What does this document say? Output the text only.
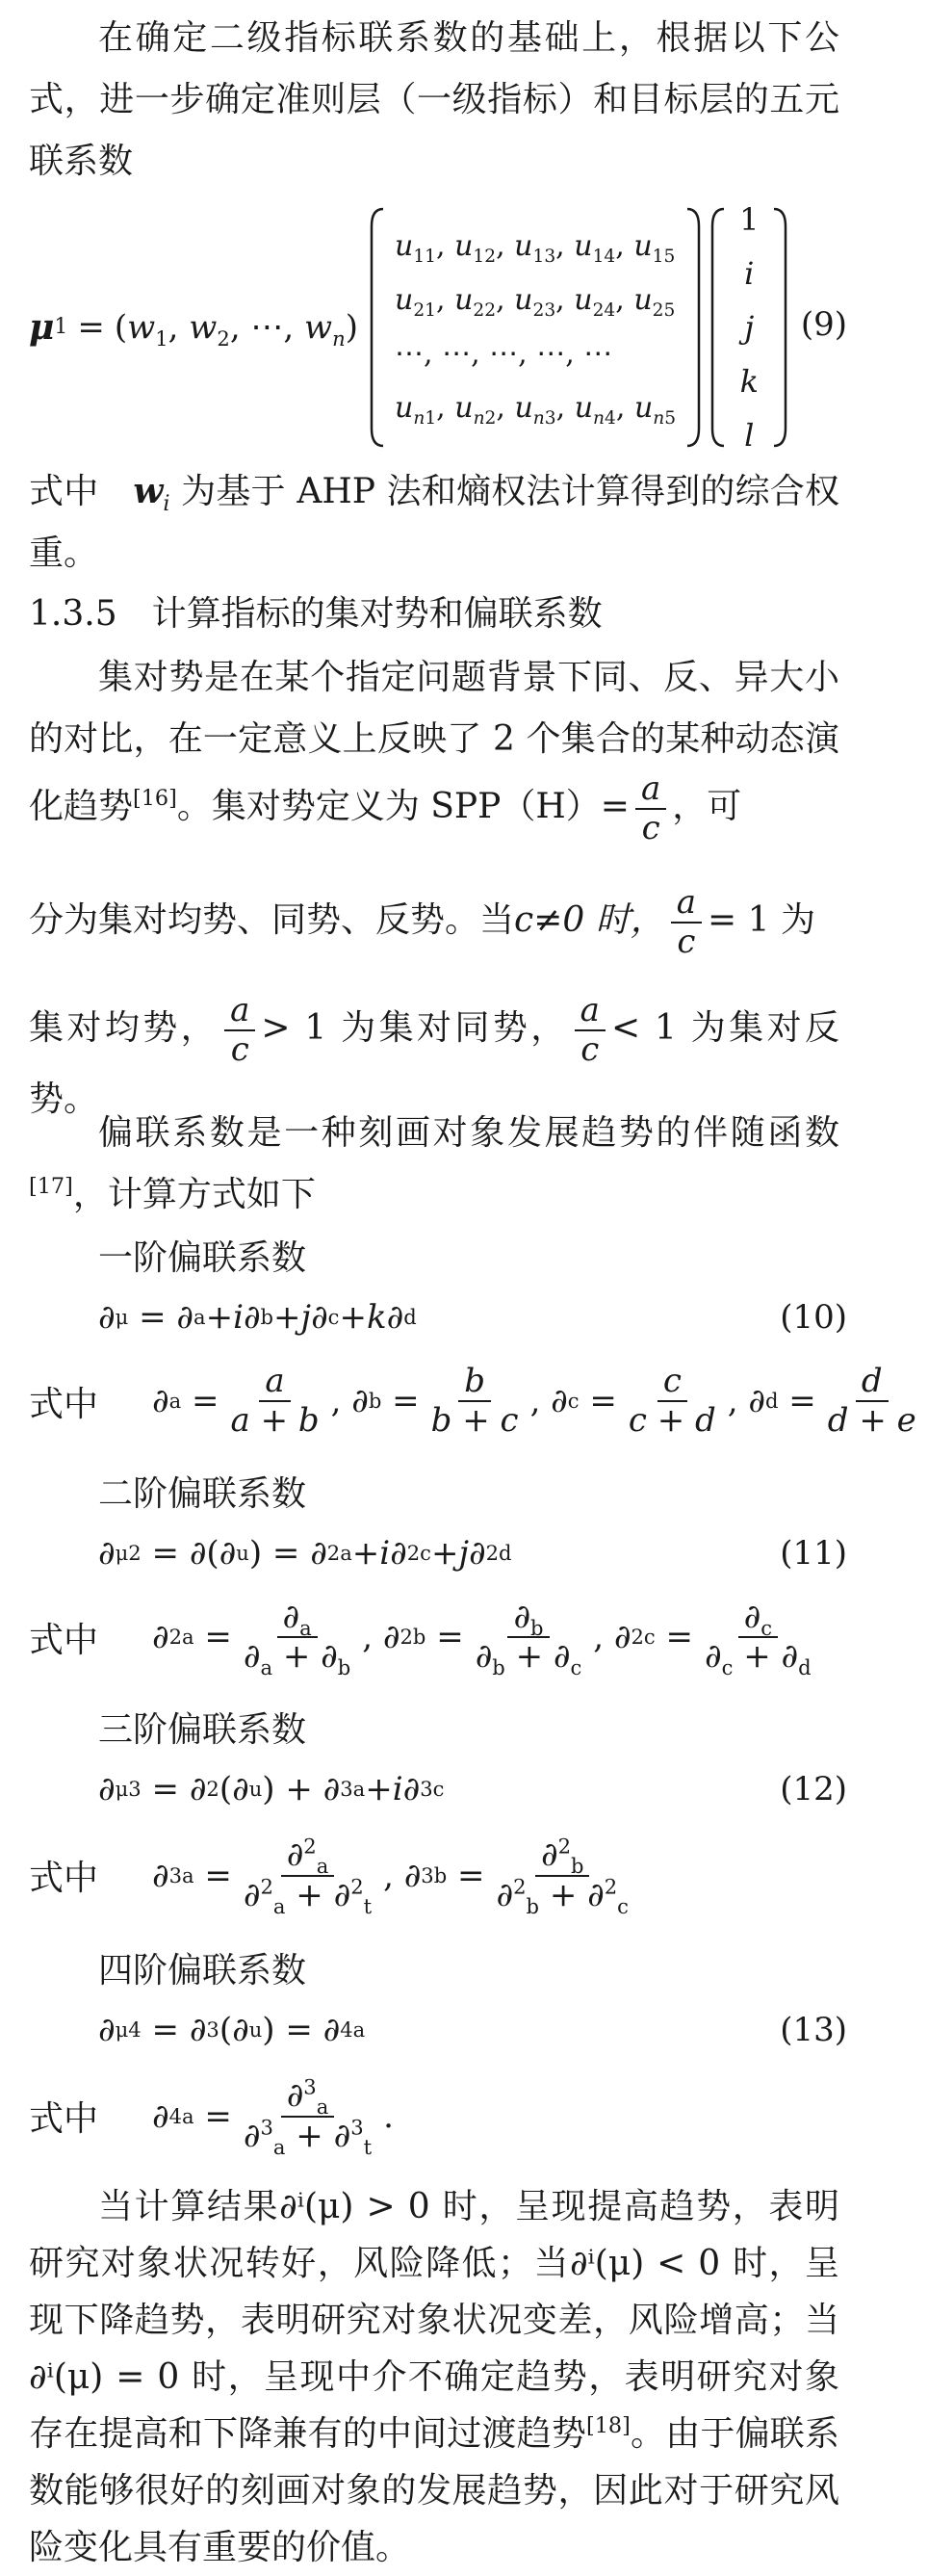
在确定二级指标联系数的基础上，根据以下公式，进一步确定准则层（一级指标）和目标层的五元联系数
μ $1 = (w_1$, $w_2$, ⋯, $w_n$)
$u_{11}$, $u_{12}$, $u_{13}$, $u_{14}$, $u_{15}$
$u_{21}$, $u_{22}$, $u_{23}$, $u_{24}$, $u_{25}$
⋯, ⋯, ⋯, ⋯, ⋯
$u_{n1}$, $u_{n2}$, $u_{n3}$, $u_{n4}$, $u_{n5}$
1
i
j
k
l
(9)
式中 $w_i$ 为基于 AHP 法和熵权法计算得到的综合权重。
1.3.5　计算指标的集对势和偏联系数
集对势是在某个指定问题背景下同、反、异大小的对比，在一定意义上反映了 2 个集合的某种动态演化趋势[16]。集对势定义为 $SPP(H)= \frac{a}{c}$ ，可
分为集对均势、同势、反势。当c≠0 时， $\frac{a}{c} = 1$ 为
集对均势， $\frac{a}{c} > 1$ 为集对同势， $\frac{a}{c} < 1$ 为集对反势。
偏联系数是一种刻画对象发展趋势的伴随函数[17]，计算方式如下
一阶偏联系数
∂ μ = ∂ a + i ∂ b + j ∂ c + k ∂ d	(10)
式中 ∂ $a = \frac{a}{a + b}$ , ∂ $b = \frac{b}{b + c}$ , ∂ $c = \frac{c}{c + d}$ , ∂ $d = \frac{d}{d + e}$
二阶偏联系数
∂ μ 2 = ∂(∂ u ) = ∂ 2 a + i ∂ 2 c + j ∂ 2 d	(11)
式中 ∂ 2 $a = \frac{\partial_a}{\partial_a + \partial_b}$ , ∂ 2 $b = \frac{\partial_b}{\partial_b + \partial_c}$ , ∂ 2 $c = \frac{\partial_c}{\partial_c + \partial_d}$
三阶偏联系数
∂ μ 3 = ∂ 2 (∂ u ) + ∂ 3 a + i ∂ 3 c	(12)
式中 ∂ 3 $a = \frac{\partial^2_a}{\partial^2_a + \partial^2_t}$ , ∂ 3 $b = \frac{\partial^2_b}{\partial^2_b + \partial^2_c}$
四阶偏联系数
∂ μ 4 = ∂ 3 (∂ u ) = ∂ 4 a	(13)
式中 ∂ 4 $a = \frac{\partial^3_a}{\partial^3_a + \partial^3_t}$ .
当计算结果∂ⁱ(μ) > 0 时，呈现提高趋势，表明研究对象状况转好，风险降低；当∂ⁱ(μ) < 0 时，呈现下降趋势，表明研究对象状况变差，风险增高；当∂ⁱ(μ) = 0 时，呈现中介不确定趋势，表明研究对象存在提高和下降兼有的中间过渡趋势[18]。由于偏联系数能够很好的刻画对象的发展趋势，因此对于研究风险变化具有重要的价值。
